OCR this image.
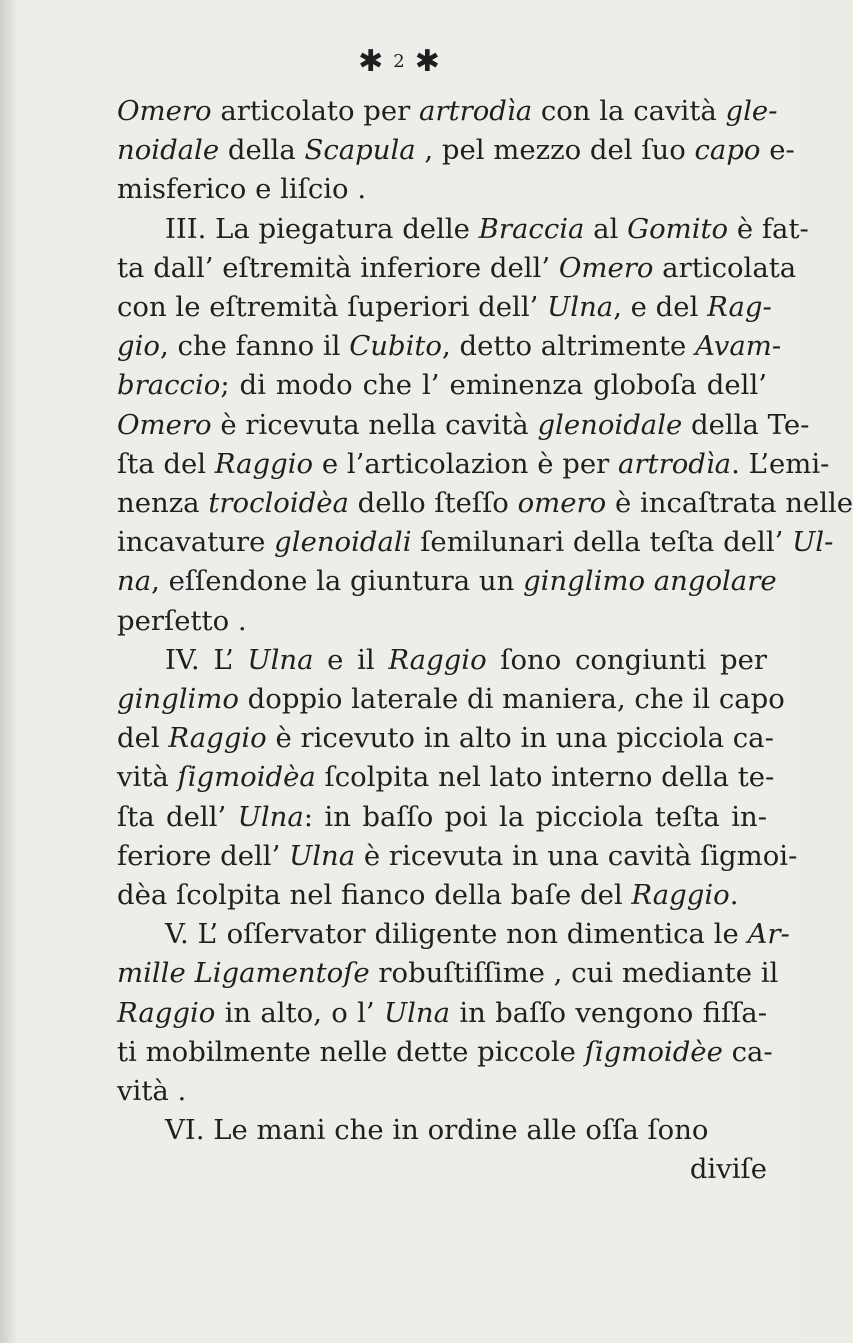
✱ 2 ✱
Omero articolato per artrodìa con la cavità gle-
noidale della Scapula , pel mezzo del ſuo capo e-
misferico e liſcio .
III. La piegatura delle Braccia al Gomito è fat-
ta dall’ eſtremità inferiore dell’ Omero articolata
con le eſtremità ſuperiori dell’ Ulna, e del Rag-
gio, che fanno il Cubito, detto altrimente Avam-
braccio; di modo che l’ eminenza globoſa dell’
Omero è ricevuta nella cavità glenoidale della Te-
ſta del Raggio e l’articolazion è per artrodìa. L’emi-
nenza trocloidèa dello ſteſſo omero è incaſtrata nelle
incavature glenoidali ſemilunari della teſta dell’ Ul-
na, eſſendone la giuntura un ginglimo angolare
perſetto .
IV. L’ Ulna e il Raggio ſono congiunti per
ginglimo doppio laterale di maniera, che il capo
del Raggio è ricevuto in alto in una picciola ca-
vità ſigmoidèa ſcolpita nel lato interno della te-
ſta dell’ Ulna: in baſſo poi la picciola teſta in-
feriore dell’ Ulna è ricevuta in una cavità ſigmoi-
dèa ſcolpita nel fianco della baſe del Raggio.
V. L’ oſſervator diligente non dimentica le Ar-
mille Ligamentoſe robuſtiſſime , cui mediante il
Raggio in alto, o l’ Ulna in baſſo vengono fiſſa-
ti mobilmente nelle dette piccole ſigmoidèe ca-
vità .
VI. Le mani che in ordine alle oſſa ſono
diviſe
